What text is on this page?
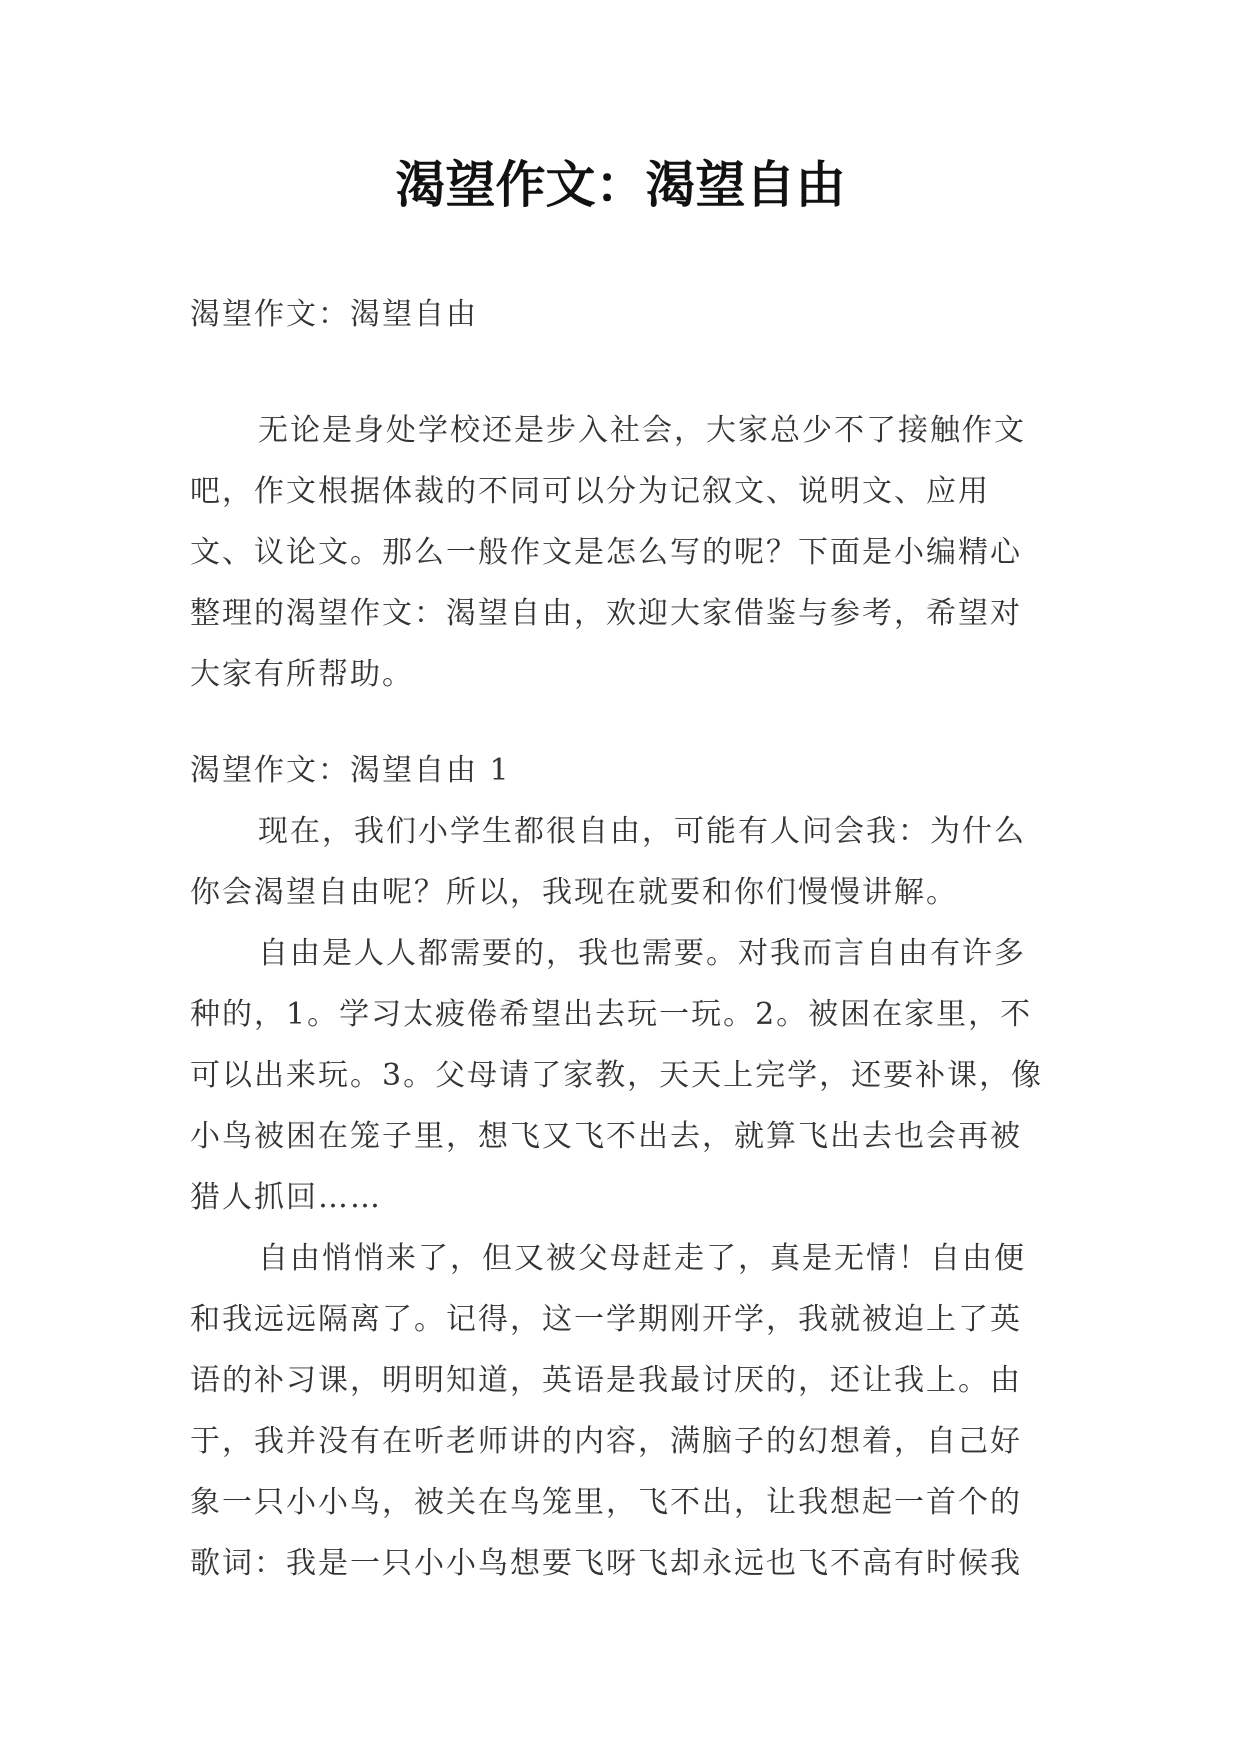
渴望作文：渴望自由

渴望作文：渴望自由

无论是身处学校还是步入社会，大家总少不了接触作文吧，作文根据体裁的不同可以分为记叙文、说明文、应用文、议论文。那么一般作文是怎么写的呢？下面是小编精心整理的渴望作文：渴望自由，欢迎大家借鉴与参考，希望对大家有所帮助。

渴望作文：渴望自由 1

现在，我们小学生都很自由，可能有人问会我：为什么你会渴望自由呢？所以，我现在就要和你们慢慢讲解。

自由是人人都需要的，我也需要。对我而言自由有许多种的，1。学习太疲倦希望出去玩一玩。2。被困在家里，不可以出来玩。3。父母请了家教，天天上完学，还要补课，像小鸟被困在笼子里，想飞又飞不出去，就算飞出去也会再被猎人抓回……

自由悄悄来了，但又被父母赶走了，真是无情！自由便和我远远隔离了。记得，这一学期刚开学，我就被迫上了英语的补习课，明明知道，英语是我最讨厌的，还让我上。由于，我并没有在听老师讲的内容，满脑子的幻想着，自己好象一只小小鸟，被关在鸟笼里，飞不出，让我想起一首个的歌词：我是一只小小鸟想要飞呀飞却永远也飞不高有时候我
